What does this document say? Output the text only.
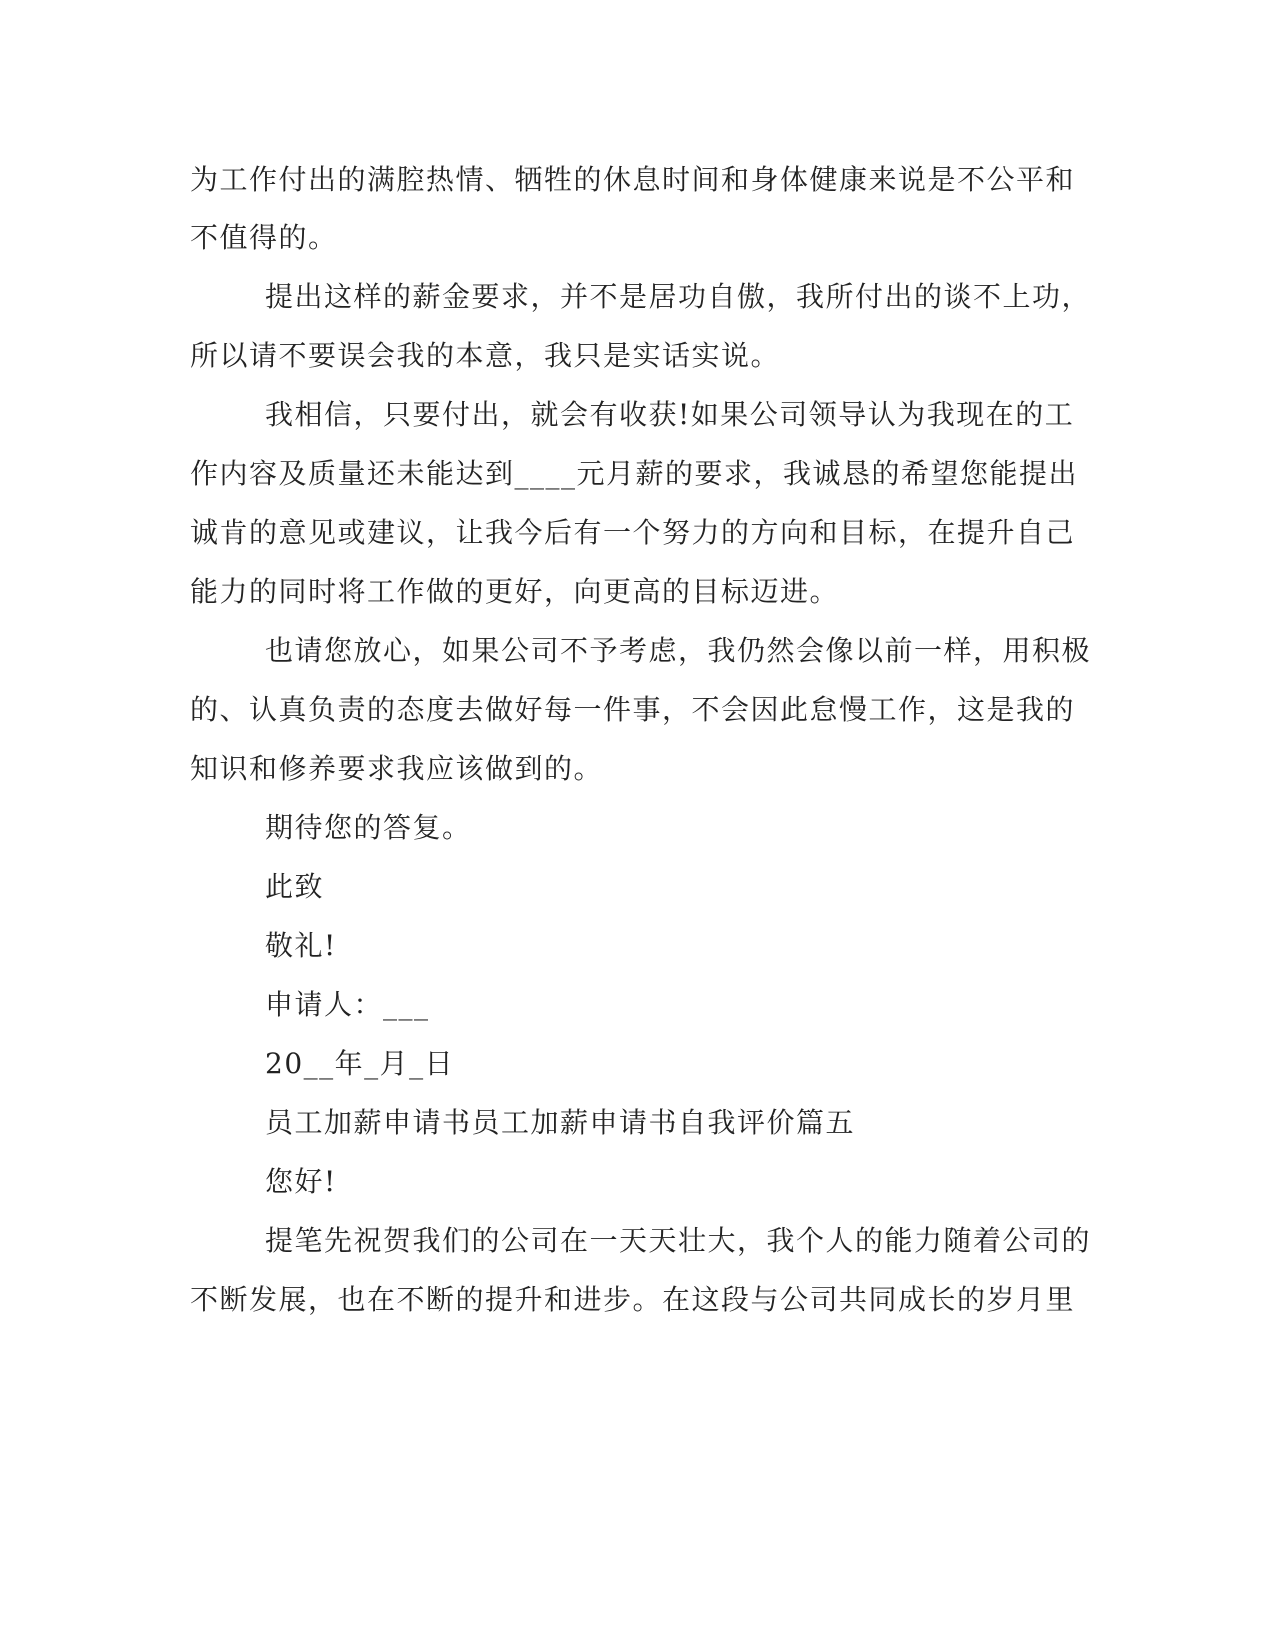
为工作付出的满腔热情、牺牲的休息时间和身体健康来说是不公平和
不值得的。
提出这样的薪金要求，并不是居功自傲，我所付出的谈不上功，
所以请不要误会我的本意，我只是实话实说。
我相信，只要付出，就会有收获!如果公司领导认为我现在的工
作内容及质量还未能达到____元月薪的要求，我诚恳的希望您能提出
诚肯的意见或建议，让我今后有一个努力的方向和目标，在提升自己
能力的同时将工作做的更好，向更高的目标迈进。
也请您放心，如果公司不予考虑，我仍然会像以前一样，用积极
的、认真负责的态度去做好每一件事，不会因此怠慢工作，这是我的
知识和修养要求我应该做到的。
期待您的答复。
此致
敬礼!
申请人：___
20__年_月_日
员工加薪申请书员工加薪申请书自我评价篇五
您好!
提笔先祝贺我们的公司在一天天壮大，我个人的能力随着公司的
不断发展，也在不断的提升和进步。在这段与公司共同成长的岁月里
